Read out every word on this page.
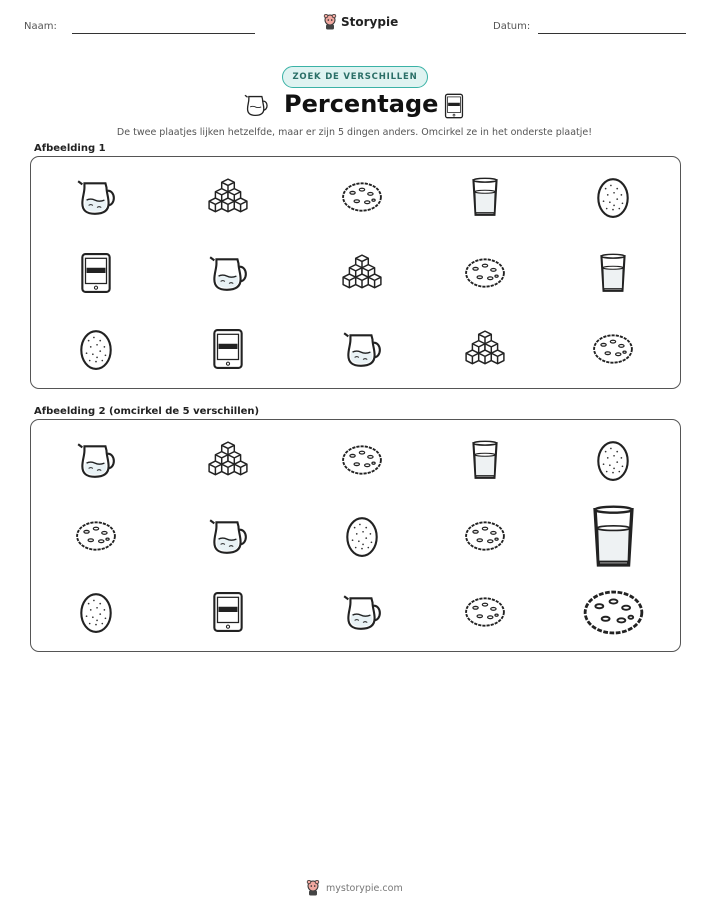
Naam:	Storypie	Datum:
ZOEK DE VERSCHILLEN
Percentage
De twee plaatjes lijken hetzelfde, maar er zijn 5 dingen anders. Omcirkel ze in het onderste plaatje!
Afbeelding 1
Afbeelding 2 (omcirkel de 5 verschillen)
mystorypie.com
